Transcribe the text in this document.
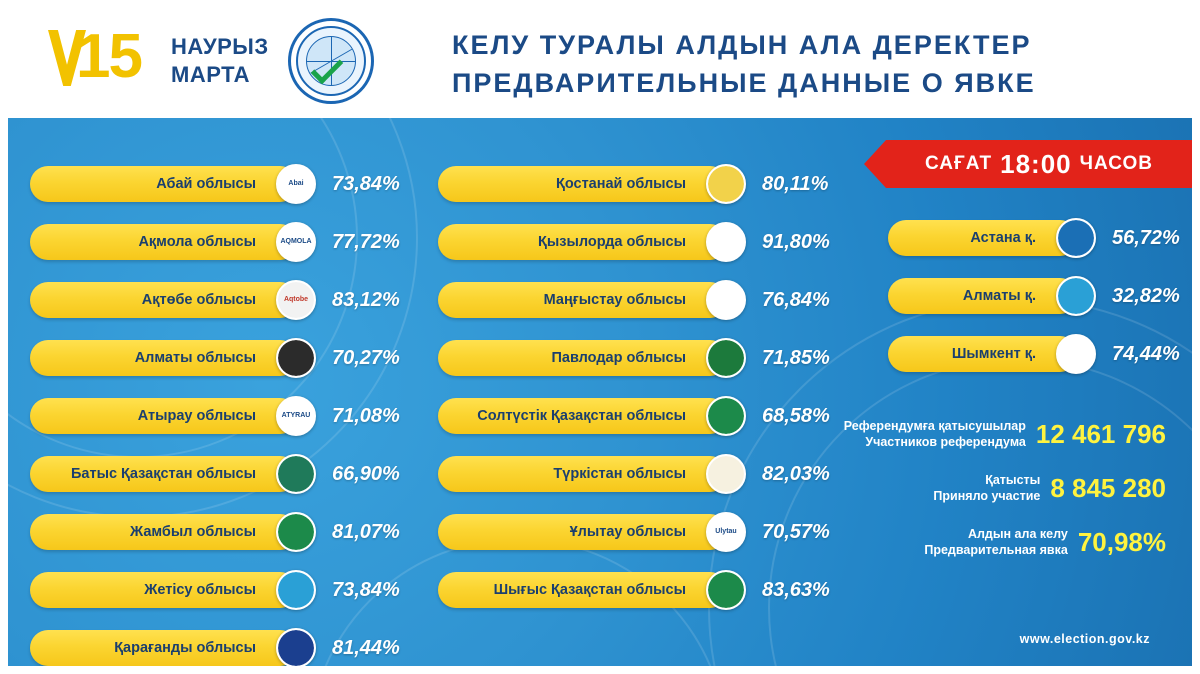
15 НАУРЫЗ
МАРТА
КЕЛУ ТУРАЛЫ АЛДЫН АЛА ДЕРЕКТЕР
ПРЕДВАРИТЕЛЬНЫЕ ДАННЫЕ О ЯВКЕ
САҒАТ 18:00 ЧАСОВ
Абай облысы	Abai	73,84%
Ақмола облысы	AQMOLA 77,72%
Ақтөбе облысы	Aqtobe 83,12%
Алматы облысы	70,27%
Атырау облысы	ATYRAU 71,08%
Батыс Қазақстан облысы	66,90%
Жамбыл облысы	81,07%
Жетісу облысы	73,84%
Қарағанды облысы	81,44%
Қостанай облысы	80,11%
Қызылорда облысы	91,80%
Маңғыстау облысы	76,84%
Павлодар облысы	71,85%
Солтүстік Қазақстан облысы	68,58%
Түркістан облысы	82,03%
Ұлытау облысы	Ulytau	70,57%
Шығыс Қазақстан облысы	83,63%
Астана қ.	56,72%
Алматы қ.	32,82%
Шымкент қ.	74,44%
Референдумға қатысушылар
Участников референдума 12 461 796
Қатысты
Приняло участие 8 845 280
Алдын ала келу
Предварительная явка 70,98%
www.election.gov.kz
